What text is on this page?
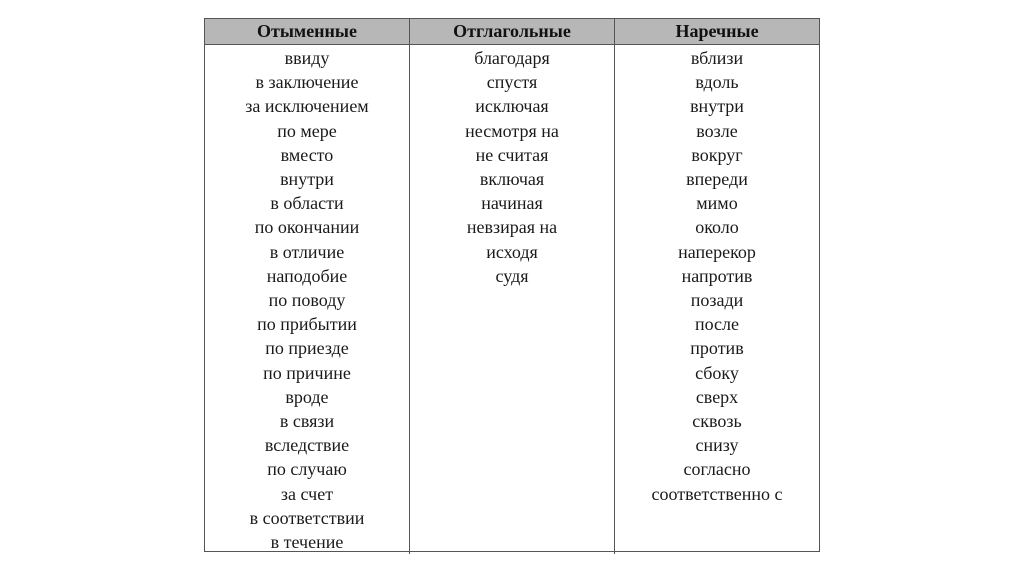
Отыменные	Отглагольные	Наречные
ввиду
в заключение
за исключением
по мере
вместо
внутри
в области
по окончании
в отличие
наподобие
по поводу
по прибытии
по приезде
по причине
вроде
в связи
вследствие
по случаю
за счет
в соответствии
в течение
благодаря
спустя
исключая
несмотря на
не считая
включая
начиная
невзирая на
исходя
судя
вблизи
вдоль
внутри
возле
вокруг
впереди
мимо
около
наперекор
напротив
позади
после
против
сбоку
сверх
сквозь
снизу
согласно
соответственно с
